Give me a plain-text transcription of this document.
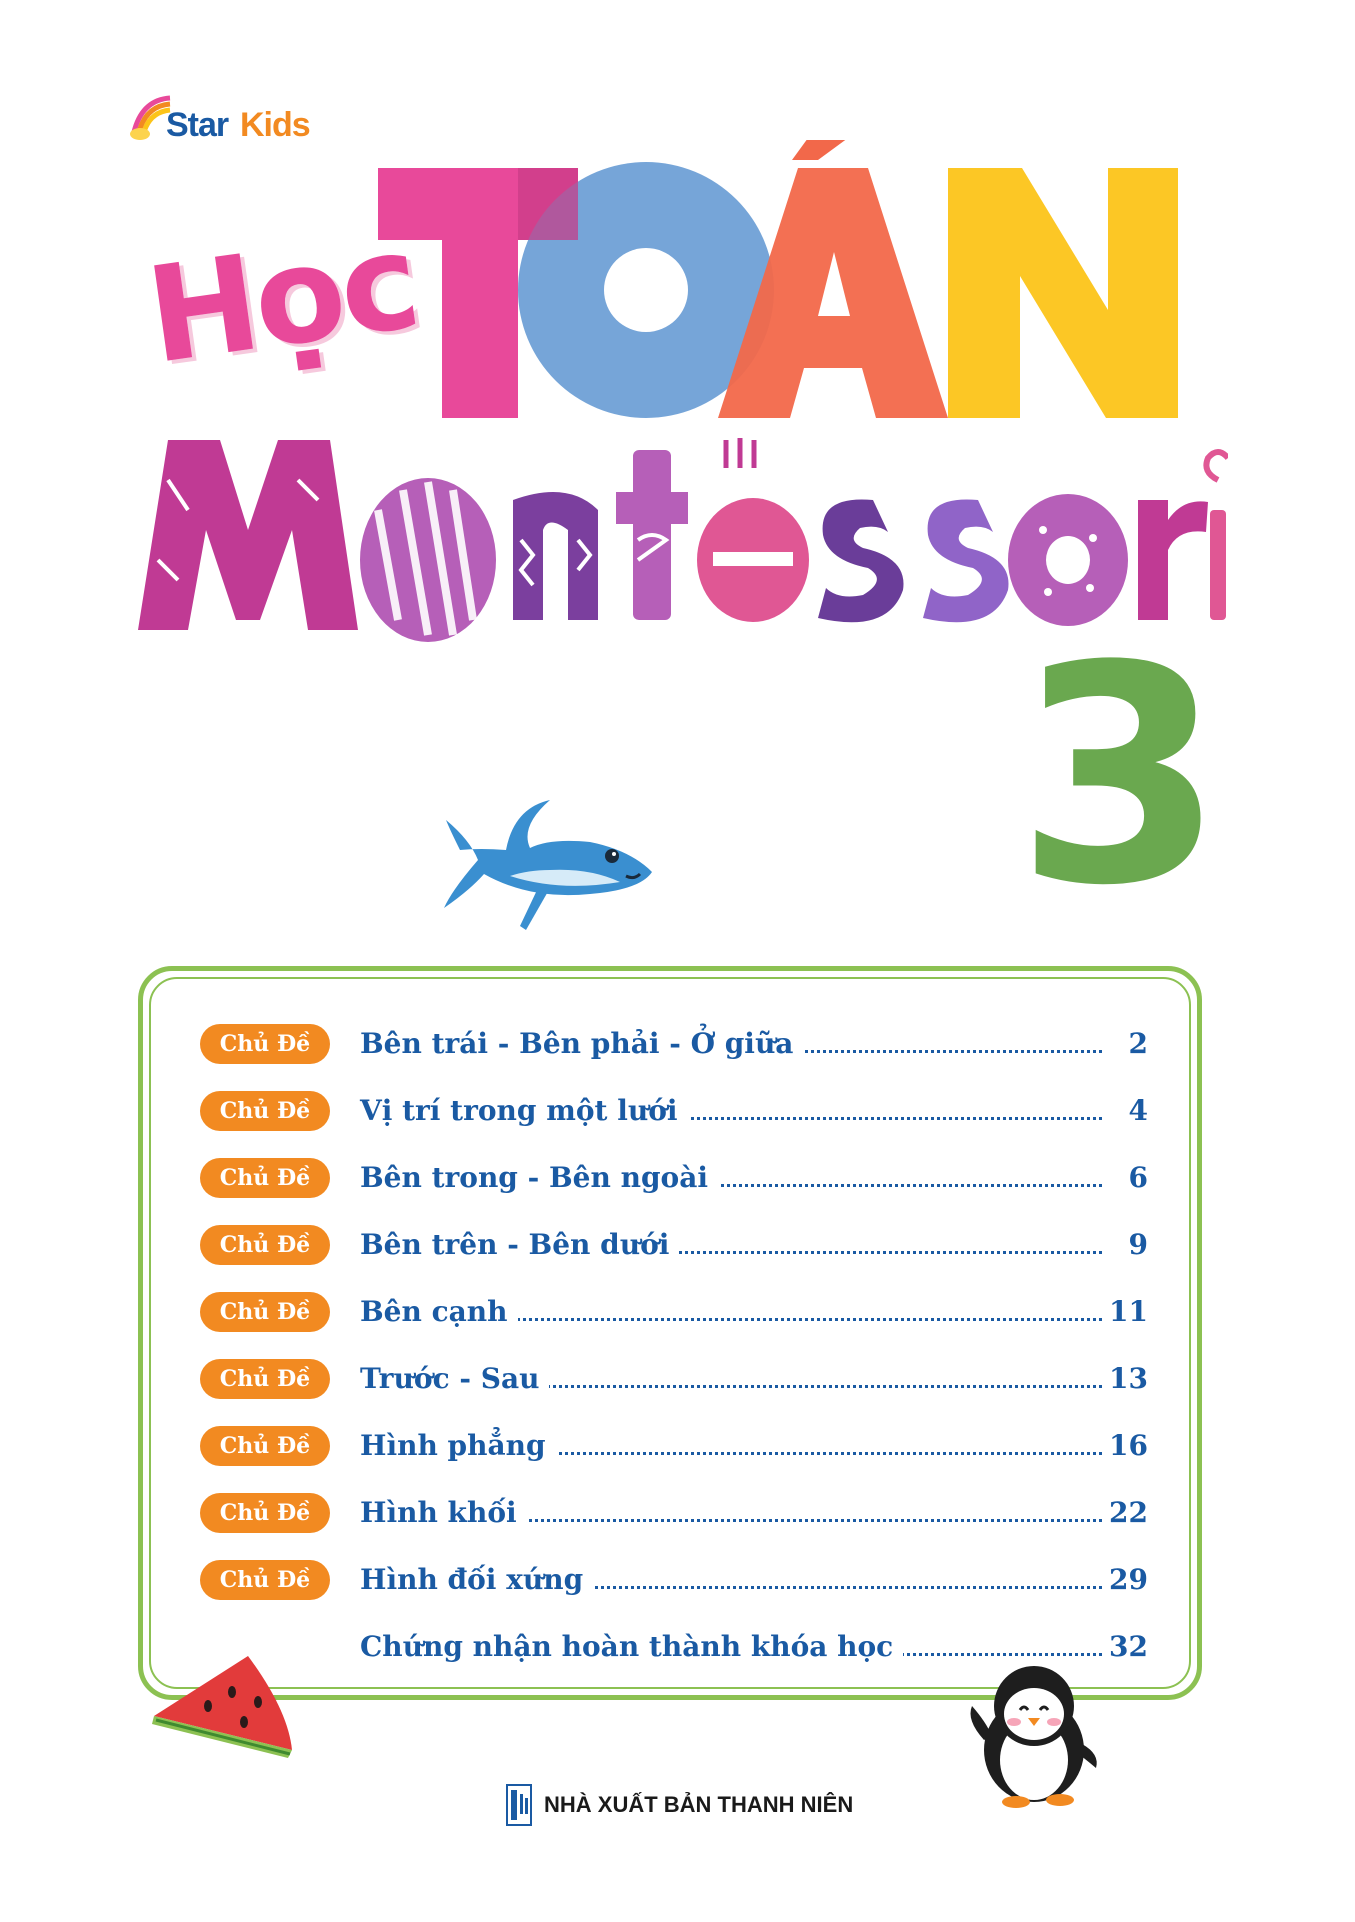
Star Kids
Học
3
Chủ Đề	Bên trái - Bên phải - Ở giữa	2
Chủ Đề	Vị trí trong một lưới	4
Chủ Đề	Bên trong - Bên ngoài	6
Chủ Đề	Bên trên - Bên dưới	9
Chủ Đề	Bên cạnh	11
Chủ Đề	Trước - Sau	13
Chủ Đề	Hình phẳng	16
Chủ Đề	Hình khối	22
Chủ Đề	Hình đối xứng	29
Chứng nhận hoàn thành khóa học	32
NHÀ XUẤT BẢN THANH NIÊN
